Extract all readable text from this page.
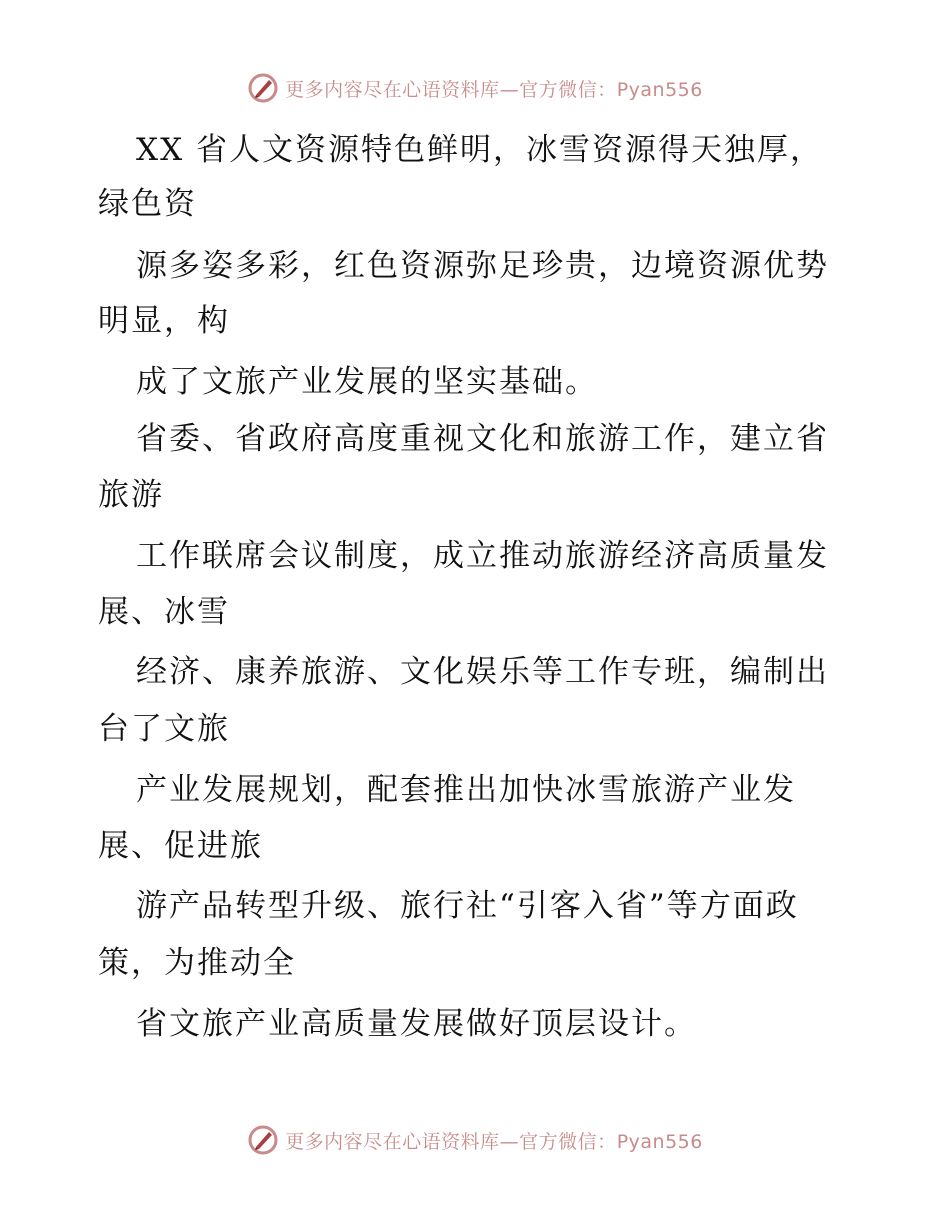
更多内容尽在心语资料库—官方微信：Pyan556
XX 省人文资源特色鲜明，冰雪资源得天独厚，
绿色资
源多姿多彩，红色资源弥足珍贵，边境资源优势
明显，构
成了文旅产业发展的坚实基础。
省委、省政府高度重视文化和旅游工作，建立省
旅游
工作联席会议制度，成立推动旅游经济高质量发
展、冰雪
经济、康养旅游、文化娱乐等工作专班，编制出
台了文旅
产业发展规划，配套推出加快冰雪旅游产业发
展、促进旅
游产品转型升级、旅行社“引客入省”等方面政
策，为推动全
省文旅产业高质量发展做好顶层设计。
更多内容尽在心语资料库—官方微信：Pyan556
